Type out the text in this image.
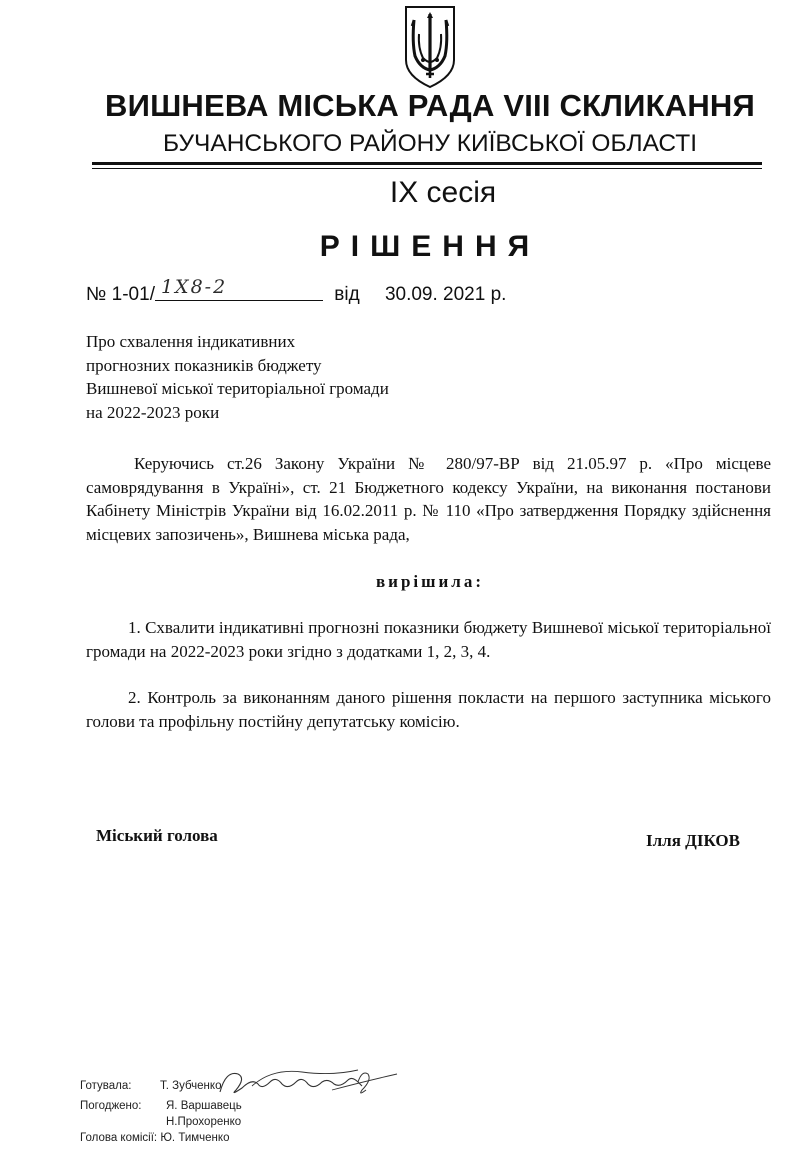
ВИШНЕВА МІСЬКА РАДА VIII СКЛИКАННЯ
БУЧАНСЬКОГО РАЙОНУ КИЇВСЬКОЇ ОБЛАСТІ
IX сесія
РІШЕННЯ
№ 1-01/ 1Х8-2	від 30.09. 2021 р.
Про схвалення індикативних
прогнозних показників бюджету
Вишневої міської територіальної громади
на 2022-2023 роки
Керуючись ст.26 Закону України № 280/97-ВР від 21.05.97 р. «Про місцеве самоврядування в Україні», ст. 21 Бюджетного кодексу України, на виконання постанови Кабінету Міністрів України від 16.02.2011 р. № 110 «Про затвердження Порядку здійснення місцевих запозичень», Вишнева міська рада,
вирішила:
1. Схвалити індикативні прогнозні показники бюджету Вишневої міської територіальної громади на 2022-2023 роки згідно з додатками 1, 2, 3, 4.
2. Контроль за виконанням даного рішення покласти на першого заступника міського голови та профільну постійну депутатську комісію.
Міський голова	Ілля ДІКОВ
Готувала: Т. Зубченко
Погоджено: Я. Варшавець
Н.Прохоренко
Голова комісії: Ю. Тимченко
